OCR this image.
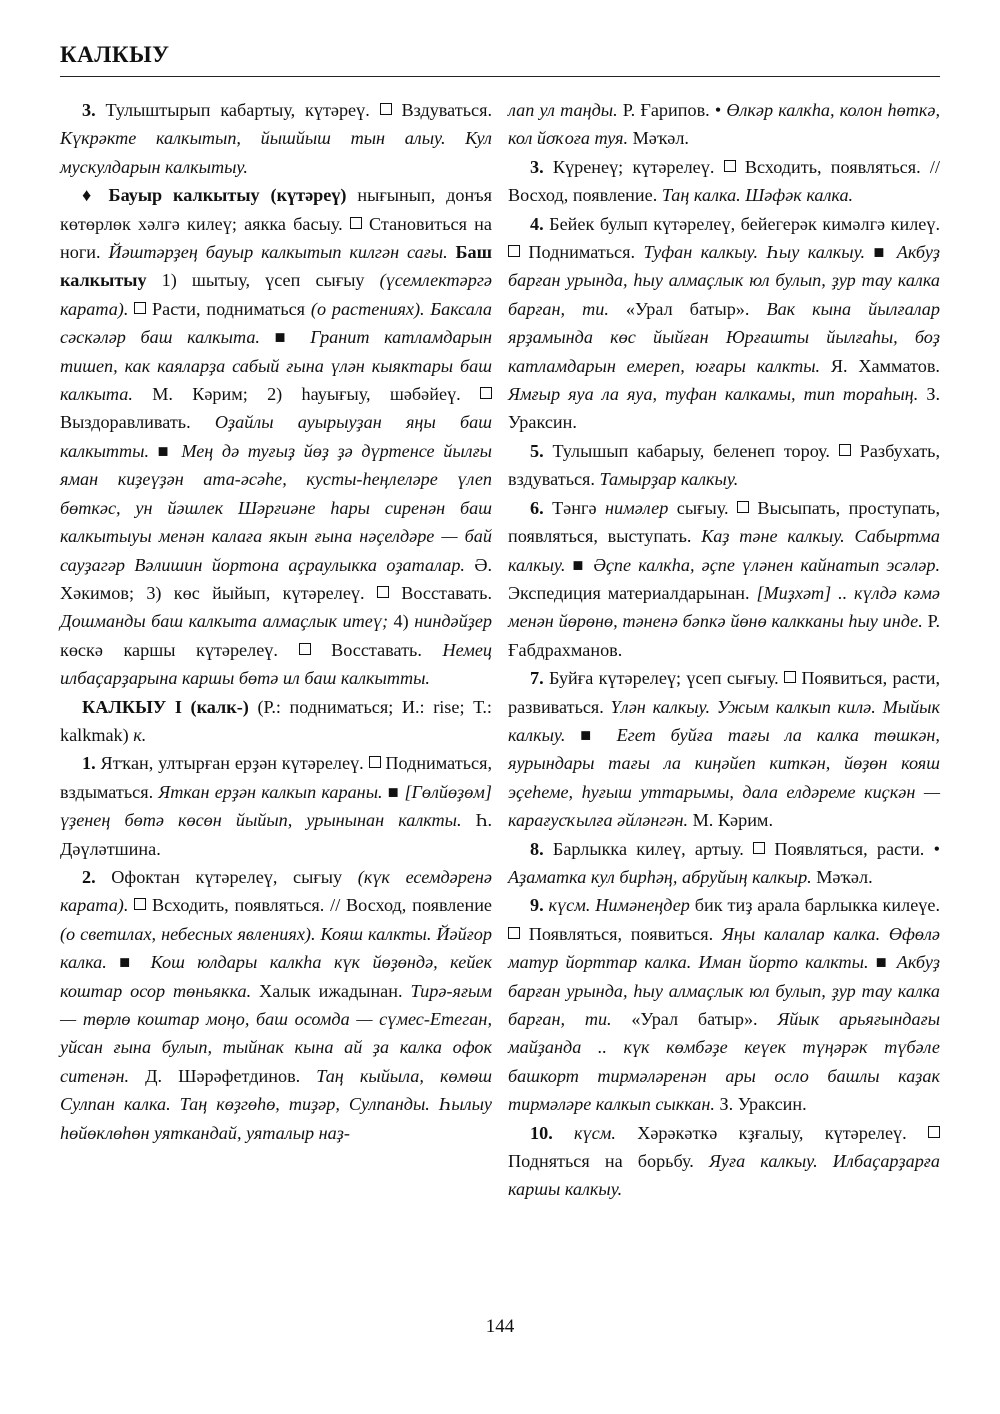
КАЛКЫУ

3. Тулыштырып кабартыу, күтәреү.  Вздуваться. Күкрәкте калкытып, йышйыш тын алыу. Кул мускулдарын калкытыу.

♦ Бауыр калкытыу (күтәреү) нығынып, донъя көтөрлөк хәлгә килеү; аякка басыу.  Становиться на ноги. Йәштәрҙең бауыр калкытып килгән сағы. Баш калкытыу 1) шытыу, үсеп сығыу (үсемлектәргә карата).  Расти, подниматься (о растениях). Баксала сәскәләр баш калкыта. ■ Гранит катламдарын тишеп, как каяларҙа сабый ғына үлән кыяктары баш калкыта. М. Кәрим; 2) һауығыу, шәбәйеү.  Выздоравливать. Оҙайлы ауырыуҙан яңы баш калкытты. ■ Мең дә туғыҙ йөҙ ҙә дүртенсе йылғы яман киҙеүҙән ата-әсәһе, кусты-һеңлеләре үлеп бөткәс, ун йәшлек Шәрғиәне һары сиренән баш калкытыуы менән калаға якын ғына нәҫелдәре — бай сауҙагәр Вәлишин йортона аҫраулыкка оҙаталар. Ә. Хәкимов; 3) көс йыйып, күтәрелеү.  Восставать. Дошманды баш калкыта алмаҫлык итеү; 4) ниндәйҙер көскә каршы күтәрелеү.  Восставать. Немец илбаҫарҙарына каршы бөтә ил баш калкытты.

КАЛКЫУ I (калк-) (Р.: подниматься; И.: rise; Т.: kalkmak) к.

1. Ятҡан, ултырған ерҙән күтәрелеү.  Подниматься, вздыматься. Яткан ерҙән калкып караны. ■ [Гөлйөҙөм] үҙенең бөтә көсөн йыйып, урынынан калкты. Һ. Дәүләтшина.

2. Офоктан күтәрелеү, сығыу (күк есемдәренә карата).  Всходить, появляться. // Восход, появление (о светилах, небесных явлениях). Кояш калкты. Йәйғор калка. ■ Кош юлдары калкһа күк йөҙөндә, кейек коштар осор төньякка. Халык ижадынан. Тирә-яғым — төрлө коштар моңо, баш осомда — сүмес-Етеган, уйсан ғына булып, тыйнак кына ай ҙа калка офок ситенән. Д. Шәрәфетдинов. Таң кыйыла, көмөш Сулпан калка. Таң көҙгөһө, тиҙәр, Сулпанды. Һылыу һөйөклөһөн уяткандай, уяталыр наҙ-

лап ул таңды. Р. Ғарипов. • Өлкәр калкһа, колон һөткә, кол йоҡоға туя. Мәҡәл.

3. Күренеү; күтәрелеү.  Всходить, появляться. // Восход, появление. Таң калка. Шәфәк калка.

4. Бейек булып күтәрелеү, бейегерәк кимәлгә килеү.  Подниматься. Туфан калкыу. Һыу калкыу. ■ Акбуҙ барған урында, һыу алмаҫлык юл булып, ҙур тау калка барған, ти. «Урал батыр». Вак кына йылғалар ярҙамында көс йыйған Юрғашты йылғаһы, боҙ катламдарын емереп, юғары калкты. Я. Хамматов. Ямғыр яуа ла яуа, туфан калкамы, тип тораһың. З. Ураксин.

5. Тулышып кабарыу, беленеп тороу.  Разбухать, вздуваться. Тамырҙар калкыу.

6. Тәнгә нимәлер сығыу.  Высыпать, проступать, появляться, выступать. Каҙ тәне калкыу. Сабыртма калкыу. ■ Әҫпе калкһа, әҫпе үләнен кайнатып эсәләр. Экспедиция материалдарынан. [Миҙхәт] .. күлдә кәмә менән йөрөнө, тәненә бәпкә йөнө калкканы һыу инде. Р. Ғабдрахманов.

7. Буйға күтәрелеү; үсеп сығыу.  Появиться, расти, развиваться. Үлән калкыу. Ужым калкып килә. Мыйык калкыу. ■ Егет буйға тағы ла калка төшкән, яурындары тағы ла киңәйеп киткән, йөҙөн кояш эҫеһеме, һуғыш уттарымы, дала елдәреме киҫкән — карағусҡылға әйләнгән. М. Кәрим.

8. Барлыкка килеү, артыу.  Появляться, расти. • Аҙаматка кул бирһәң, абруйың калкыр. Мәҡәл.

9. күсм. Нимәнеңдер бик тиҙ арала барлыкка килеүе.  Появляться, появиться. Яңы калалар калка. Өфөлә матур йорттар калка. Иман йорто калкты. ■ Акбуҙ барған урында, һыу алмаҫлык юл булып, ҙур тау калка барған, ти. «Урал батыр». Яйык арьяғындағы майҙанда .. күк көмбәҙе кеүек түңәрәк түбәле башкорт тирмәләренән ары осло башлы каҙак тирмәләре калкып сыккан. З. Ураксин.

10. күсм. Хәрәкәткә кҙғалыу, күтәрелеү.  Подняться на борьбу. Яуға калкыу. Илбаҫарҙарға каршы калкыу.

144
